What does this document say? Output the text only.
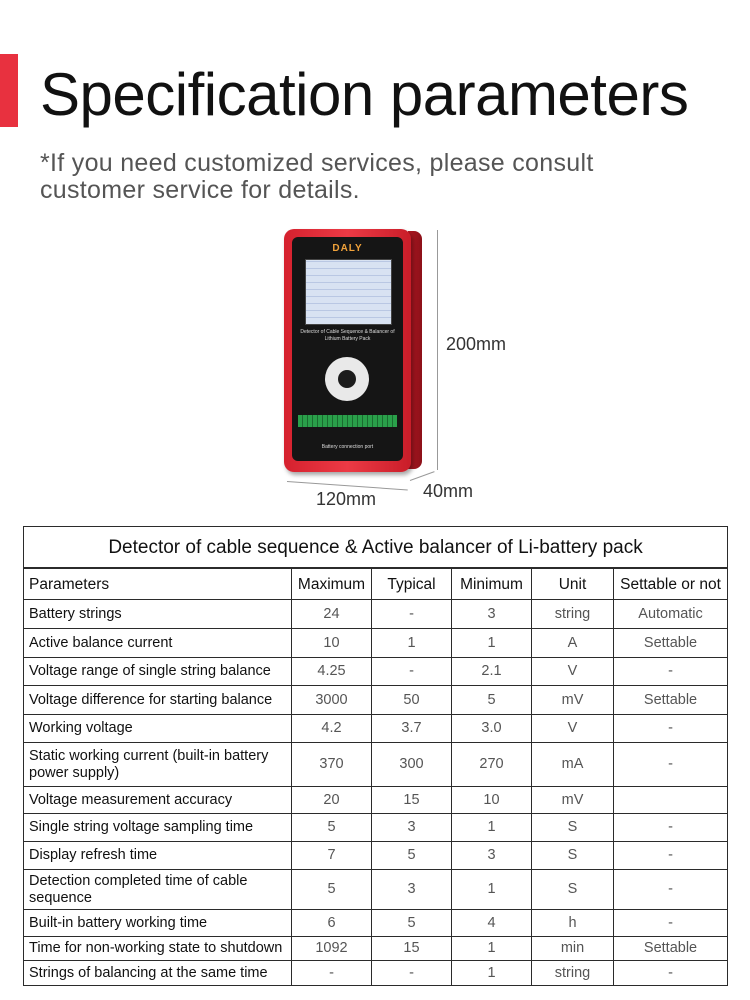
Specification parameters

*If you need customized services, please consult customer service for details.

DALY
Detector of Cable Sequence & Balancer of Lithium Battery Pack
Battery connection port
200mm
120mm	40mm
Detector of cable sequence & Active balancer of Li-battery pack					
Parameters	Maximum	Typical	Minimum	Unit	Settable or not
Battery strings	24	-	3	string	Automatic
Active balance current	10	1	1	A	Settable
Voltage range of single string balance	4.25	-	2.1	V	-
Voltage difference for starting balance	3000	50	5	mV	Settable
Working voltage	4.2	3.7	3.0	V	-
Static working current (built-in battery power supply)	370	300	270	mA	-
Voltage measurement accuracy	20	15	10	mV	
Single string voltage sampling time	5	3	1	S	-
Display refresh time	7	5	3	S	-
Detection completed time of cable sequence	5	3	1	S	-
Built-in battery working time	6	5	4	h	-
Time for non-working state to shutdown	1092	15	1	min	Settable
Strings of balancing at the same time	-	-	1	string	-
